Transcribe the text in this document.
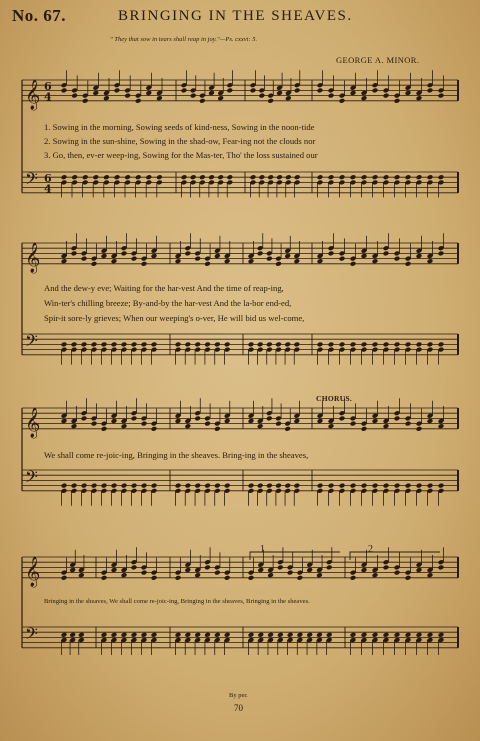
No. 67.	BRINGING IN THE SHEAVES.
" They that sow in tears shall reap in joy."—Ps. cxxvi: 5.
GEORGE A. MINOR.
𝄞 6
4
𝄢 6
4
𝄞
𝄢
𝄞
𝄢
𝄞
𝄢
1. Sowing in the morning, Sowing seeds of kind-ness, Sowing in the noon-tide
2. Sowing in the sun-shine, Sowing in the shad-ow, Fear-ing not the clouds nor
3. Go, then, ev-er weep-ing, Sowing for the Mas-ter, Tho' the loss sustained our
And the dew-y eve; Waiting for the har-vest And the time of reap-ing,
Win-ter's chilling breeze; By-and-by the har-vest And the la-bor end-ed,
Spir-it sore-ly grieves; When our weeping's o-ver, He will bid us wel-come,
CHORUS.
We shall come re-joic-ing, Bringing in the sheaves. Bring-ing in the sheaves,
Bringing in the sheaves, We shall come re-joic-ing, Bringing in the sheaves, Bringing in the sheaves.
1	2
By per.
70
